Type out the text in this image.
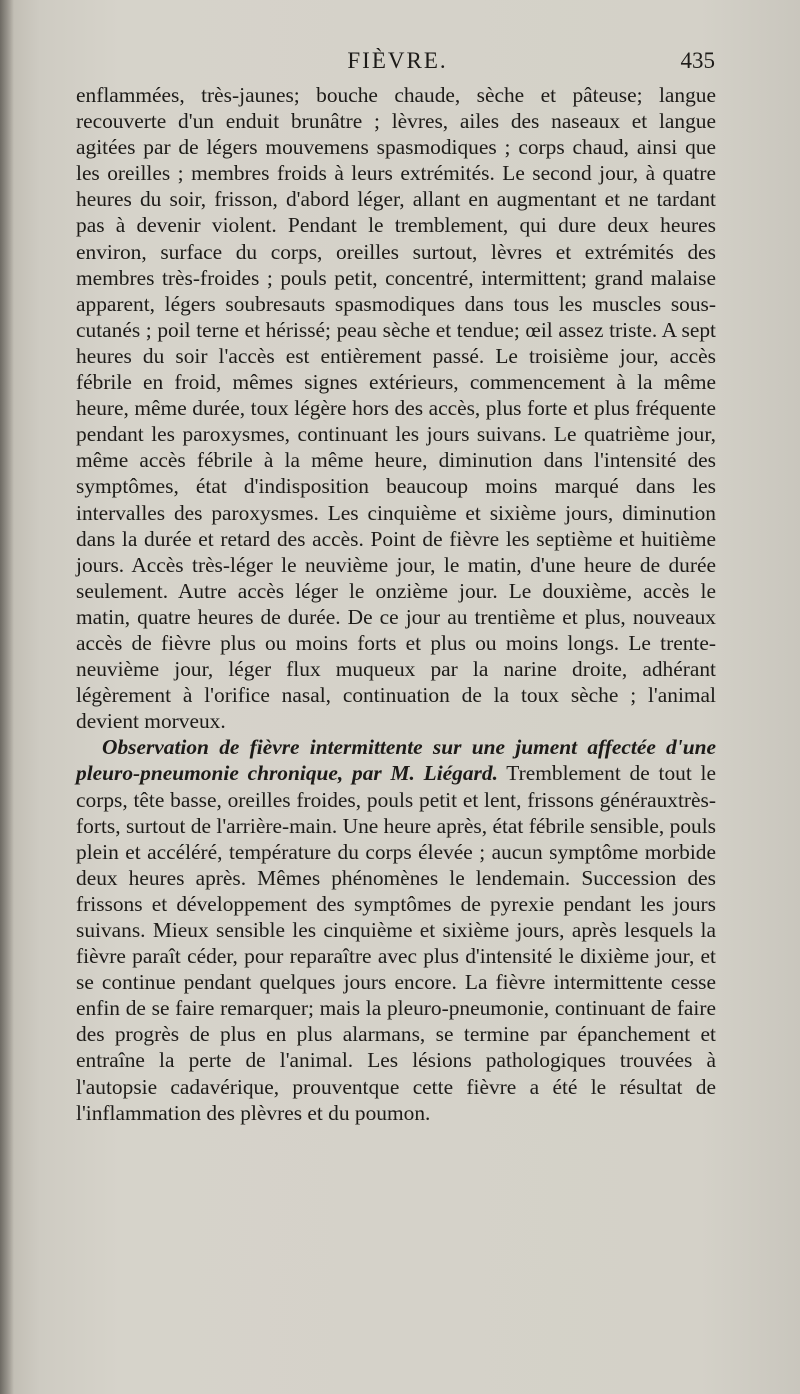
FIÈVRE.	435

enflammées, très-jaunes; bouche chaude, sèche et pâteuse; langue recouverte d'un enduit brunâtre ; lèvres, ailes des naseaux et langue agitées par de légers mouvemens spasmodiques ; corps chaud, ainsi que les oreilles ; membres froids à leurs extrémités. Le second jour, à quatre heures du soir, frisson, d'abord léger, allant en augmentant et ne tardant pas à devenir violent. Pendant le tremblement, qui dure deux heures environ, surface du corps, oreilles surtout, lèvres et extrémités des membres très-froides ; pouls petit, concentré, intermittent; grand malaise apparent, légers soubresauts spasmodiques dans tous les muscles sous-cutanés ; poil terne et hérissé; peau sèche et tendue; œil assez triste. A sept heures du soir l'accès est entièrement passé. Le troisième jour, accès fébrile en froid, mêmes signes extérieurs, commencement à la même heure, même durée, toux légère hors des accès, plus forte et plus fréquente pendant les paroxysmes, continuant les jours suivans. Le quatrième jour, même accès fébrile à la même heure, diminution dans l'intensité des symptômes, état d'indisposition beaucoup moins marqué dans les intervalles des paroxysmes. Les cinquième et sixième jours, diminution dans la durée et retard des accès. Point de fièvre les septième et huitième jours. Accès très-léger le neuvième jour, le matin, d'une heure de durée seulement. Autre accès léger le onzième jour. Le douxième, accès le matin, quatre heures de durée. De ce jour au trentième et plus, nouveaux accès de fièvre plus ou moins forts et plus ou moins longs. Le trente-neuvième jour, léger flux muqueux par la narine droite, adhérant légèrement à l'orifice nasal, continuation de la toux sèche ; l'animal devient morveux.

Observation de fièvre intermittente sur une jument affectée d'une pleuro-pneumonie chronique, par M. Liégard. Tremblement de tout le corps, tête basse, oreilles froides, pouls petit et lent, frissons générauxtrès-forts, surtout de l'arrière-main. Une heure après, état fébrile sensible, pouls plein et accéléré, température du corps élevée ; aucun symptôme morbide deux heures après. Mêmes phénomènes le lendemain. Succession des frissons et développement des symptômes de pyrexie pendant les jours suivans. Mieux sensible les cinquième et sixième jours, après lesquels la fièvre paraît céder, pour reparaître avec plus d'intensité le dixième jour, et se continue pendant quelques jours encore. La fièvre intermittente cesse enfin de se faire remarquer; mais la pleuro-pneumonie, continuant de faire des progrès de plus en plus alarmans, se termine par épanchement et entraîne la perte de l'animal. Les lésions pathologiques trouvées à l'autopsie cadavérique, prouventque cette fièvre a été le résultat de l'inflammation des plèvres et du poumon.
